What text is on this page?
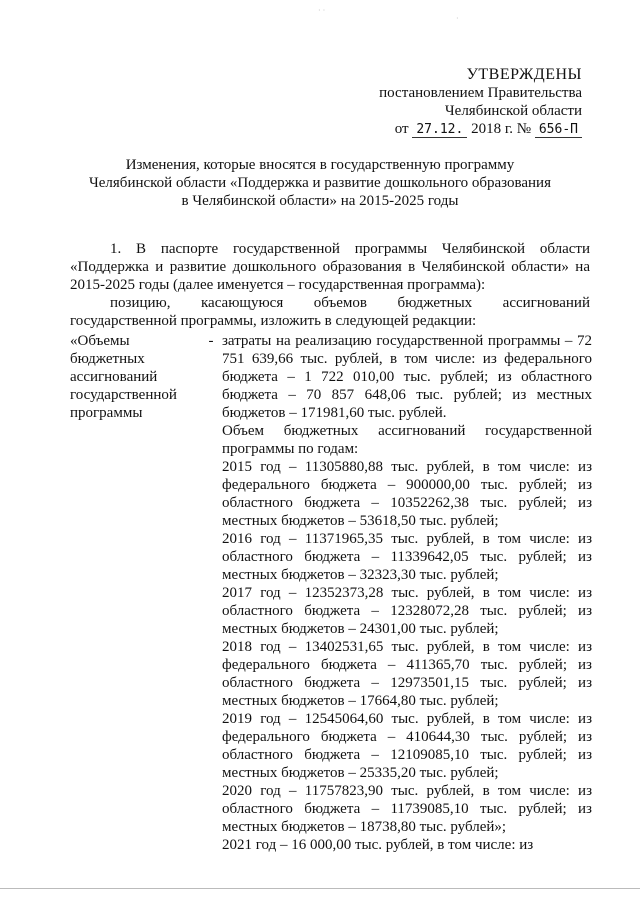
· ·
·
УТВЕРЖДЕНЫ
постановлением Правительства
Челябинской области
от 27.12. 2018 г. № 656-П
Изменения, которые вносятся в государственную программу
Челябинской области «Поддержка и развитие дошкольного образования
в Челябинской области» на 2015-2025 годы
1. В паспорте государственной программы Челябинской области «Поддержка и развитие дошкольного образования в Челябинской области» на 2015-2025 годы (далее именуется – государственная программа):
позицию, касающуюся объемов бюджетных ассигнований государственной программы, изложить в следующей редакции:
«Объемы бюджетных ассигнований государственной программы
- затраты на реализацию государственной программы – 72 751 639,66 тыс. рублей, в том числе: из федерального бюджета – 1 722 010,00 тыс. рублей; из областного бюджета – 70 857 648,06 тыс. рублей; из местных бюджетов – 171981,60 тыс. рублей.

Объем бюджетных ассигнований государственной программы по годам:

2015 год – 11305880,88 тыс. рублей, в том числе: из федерального бюджета – 900000,00 тыс. рублей; из областного бюджета – 10352262,38 тыс. рублей; из местных бюджетов – 53618,50 тыс. рублей;

2016 год – 11371965,35 тыс. рублей, в том числе: из областного бюджета – 11339642,05 тыс. рублей; из местных бюджетов – 32323,30 тыс. рублей;

2017 год – 12352373,28 тыс. рублей, в том числе: из областного бюджета – 12328072,28 тыс. рублей; из местных бюджетов – 24301,00 тыс. рублей;

2018 год – 13402531,65 тыс. рублей, в том числе: из федерального бюджета – 411365,70 тыс. рублей; из областного бюджета – 12973501,15 тыс. рублей; из местных бюджетов – 17664,80 тыс. рублей;

2019 год – 12545064,60 тыс. рублей, в том числе: из федерального бюджета – 410644,30 тыс. рублей; из областного бюджета – 12109085,10 тыс. рублей; из местных бюджетов – 25335,20 тыс. рублей;

2020 год – 11757823,90 тыс. рублей, в том числе: из областного бюджета – 11739085,10 тыс. рублей; из местных бюджетов – 18738,80 тыс. рублей»;

2021 год – 16 000,00 тыс. рублей, в том числе: из
